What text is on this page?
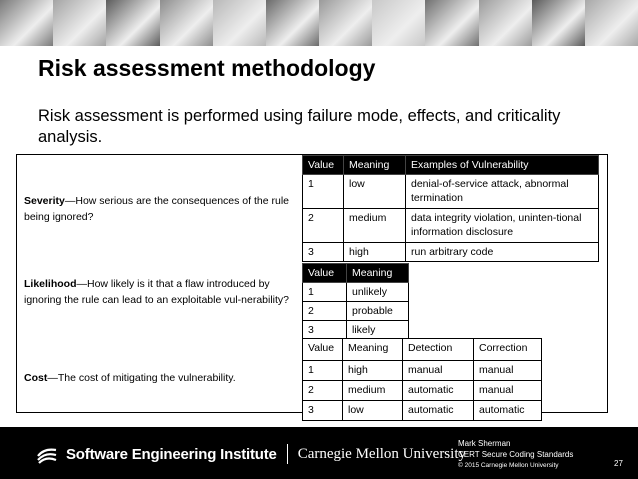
Risk assessment methodology
Risk assessment is performed using failure mode, effects, and criticality analysis.
Severity—How serious are the consequences of the rule being ignored?
Likelihood—How likely is it that a flaw introduced by ignoring the rule can lead to an exploitable vul-nerability?
Cost—The cost of mitigating the vulnerability.
Value	Meaning	Examples of Vulnerability
1	low	denial-of-service attack, abnormal termination
2	medium	data integrity violation, uninten-tional information disclosure
3	high	run arbitrary code
Value	Meaning
1	unlikely
2	probable
3	likely
Value	Meaning	Detection	Correction
1	high	manual	manual
2	medium	automatic	manual
3	low	automatic	automatic
Software Engineering Institute Carnegie Mellon University
Mark Sherman
CERT Secure Coding Standards
© 2015 Carnegie Mellon University	27
